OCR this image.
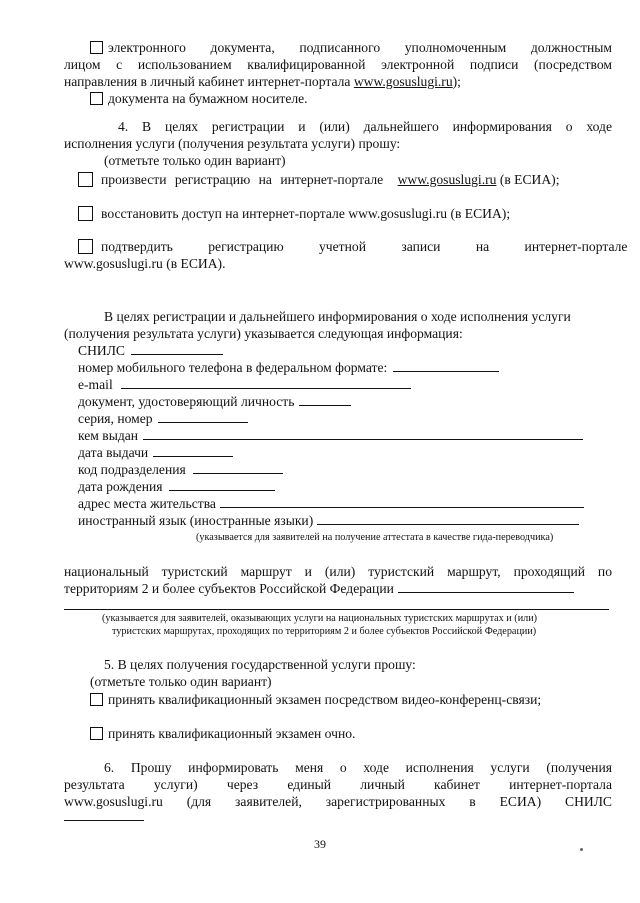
электронного документа, подписанного уполномоченным должностным
лицом с использованием квалифицированной электронной подписи (посредством
направления в личный кабинет интернет-портала www.gosuslugi.ru);
документа на бумажном носителе.
4. В целях регистрации и (или) дальнейшего информирования о ходе
исполнения услуги (получения результата услуги) прошу:
(отметьте только один вариант)
произвести регистрацию на интернет-портале www.gosuslugi.ru (в ЕСИА);
восстановить доступ на интернет-портале www.gosuslugi.ru (в ЕСИА);
подтвердить регистрацию учетной записи на интернет-портале
www.gosuslugi.ru (в ЕСИА).
В целях регистрации и дальнейшего информирования о ходе исполнения услуги
(получения результата услуги) указывается следующая информация:
СНИЛС
номер мобильного телефона в федеральном формате:
e-mail
документ, удостоверяющий личность
серия, номер
кем выдан
дата выдачи
код подразделения
дата рождения
адрес места жительства
иностранный язык (иностранные языки)
(указывается для заявителей на получение аттестата в качестве гида-переводчика)
национальный туристский маршрут и (или) туристский маршрут, проходящий по
территориям 2 и более субъектов Российской Федерации
(указывается для заявителей, оказывающих услуги на национальных туристских маршрутах и (или)
туристских маршрутах, проходящих по территориям 2 и более субъектов Российской Федерации)
5. В целях получения государственной услуги прошу:
(отметьте только один вариант)
принять квалификационный экзамен посредством видео-конференц-связи;
принять квалификационный экзамен очно.
6. Прошу информировать меня о ходе исполнения услуги (получения
результата услуги) через единый личный кабинет интернет-портала
www.gosuslugi.ru (для заявителей, зарегистрированных в ЕСИА) СНИЛС
39
